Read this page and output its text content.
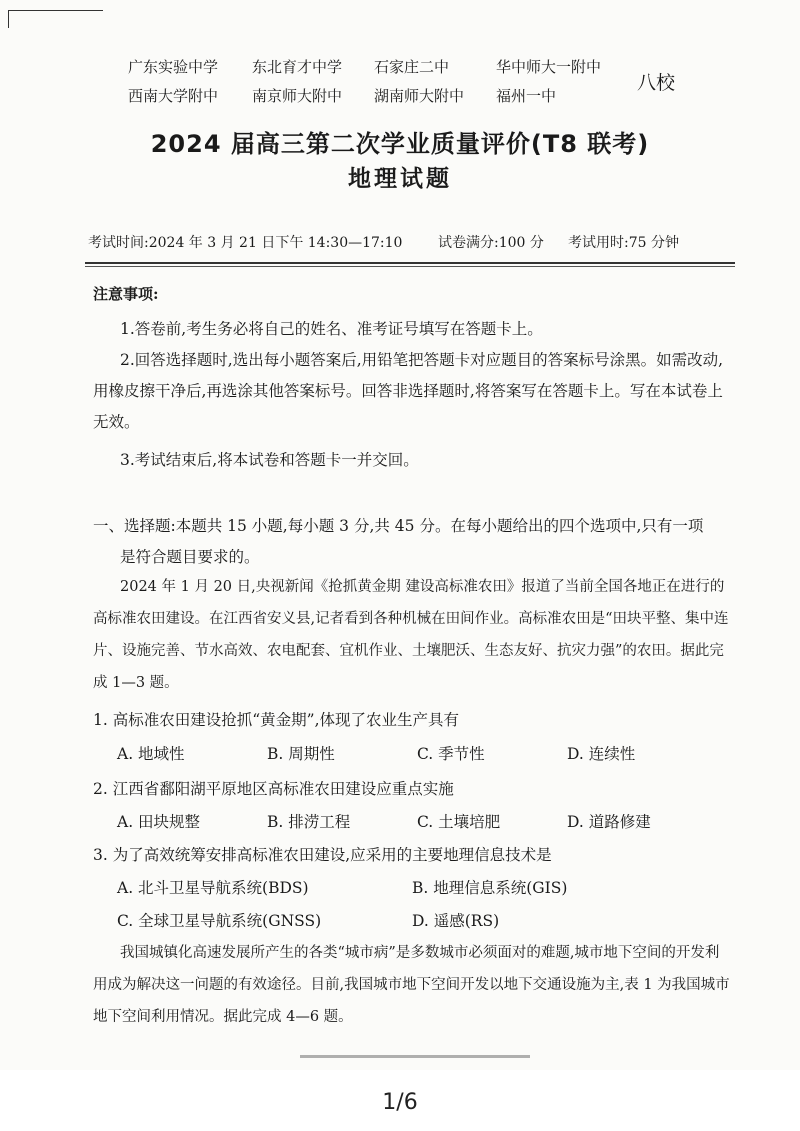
广东实验中学	东北育才中学	石家庄二中	华中师大一附中
西南大学附中	南京师大附中	湖南师大附中	福州一中
八校
2024 届高三第二次学业质量评价(T8 联考)
地理试题
考试时间:2024 年 3 月 21 日下午 14:30—17:10	试卷满分:100 分	考试用时:75 分钟
注意事项:
1.答卷前,考生务必将自己的姓名、准考证号填写在答题卡上。
2.回答选择题时,选出每小题答案后,用铅笔把答题卡对应题目的答案标号涂黑。如需改动,用橡皮擦干净后,再选涂其他答案标号。回答非选择题时,将答案写在答题卡上。写在本试卷上无效。
3.考试结束后,将本试卷和答题卡一并交回。
一、选择题:本题共 15 小题,每小题 3 分,共 45 分。在每小题给出的四个选项中,只有一项
是符合题目要求的。
2024 年 1 月 20 日,央视新闻《抢抓黄金期 建设高标准农田》报道了当前全国各地正在进行的高标准农田建设。在江西省安义县,记者看到各种机械在田间作业。高标准农田是“田块平整、集中连片、设施完善、节水高效、农电配套、宜机作业、土壤肥沃、生态友好、抗灾力强”的农田。据此完成 1—3 题。
1. 高标准农田建设抢抓“黄金期”,体现了农业生产具有
A. 地域性	B. 周期性	C. 季节性	D. 连续性
2. 江西省鄱阳湖平原地区高标准农田建设应重点实施
A. 田块规整	B. 排涝工程	C. 土壤培肥	D. 道路修建
3. 为了高效统筹安排高标准农田建设,应采用的主要地理信息技术是
A. 北斗卫星导航系统(BDS)	B. 地理信息系统(GIS)
C. 全球卫星导航系统(GNSS)	D. 遥感(RS)
我国城镇化高速发展所产生的各类“城市病”是多数城市必须面对的难题,城市地下空间的开发利用成为解决这一问题的有效途径。目前,我国城市地下空间开发以地下交通设施为主,表 1 为我国城市地下空间利用情况。据此完成 4—6 题。
1/6
